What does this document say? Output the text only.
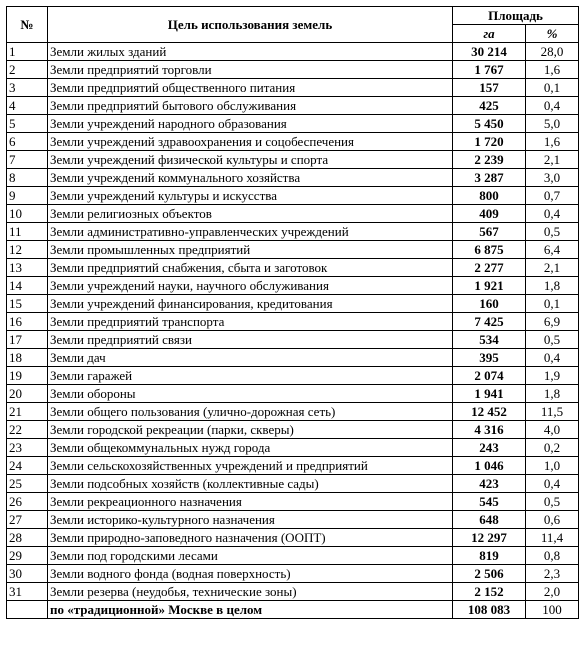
№	Цель использования земель	Площадь	
		га	%
1	Земли жилых зданий	30 214	28,0
2	Земли предприятий торговли	1 767	1,6
3	Земли предприятий общественного питания	157	0,1
4	Земли предприятий бытового обслуживания	425	0,4
5	Земли учреждений народного образования	5 450	5,0
6	Земли учреждений здравоохранения и соцобеспечения	1 720	1,6
7	Земли учреждений физической культуры и спорта	2 239	2,1
8	Земли учреждений коммунального хозяйства	3 287	3,0
9	Земли учреждений культуры и искусства	800	0,7
10	Земли религиозных объектов	409	0,4
11	Земли административно-управленческих учреждений	567	0,5
12	Земли промышленных предприятий	6 875	6,4
13	Земли предприятий снабжения, сбыта и заготовок	2 277	2,1
14	Земли учреждений науки, научного обслуживания	1 921	1,8
15	Земли учреждений финансирования, кредитования	160	0,1
16	Земли предприятий транспорта	7 425	6,9
17	Земли предприятий связи	534	0,5
18	Земли дач	395	0,4
19	Земли гаражей	2 074	1,9
20	Земли обороны	1 941	1,8
21	Земли общего пользования (улично-дорожная сеть)	12 452	11,5
22	Земли городской рекреации (парки, скверы)	4 316	4,0
23	Земли общекоммунальных нужд города	243	0,2
24	Земли сельскохозяйственных учреждений и предприятий	1 046	1,0
25	Земли подсобных хозяйств (коллективные сады)	423	0,4
26	Земли рекреационного назначения	545	0,5
27	Земли историко-культурного назначения	648	0,6
28	Земли природно-заповедного назначения (ООПТ)	12 297	11,4
29	Земли под городскими лесами	819	0,8
30	Земли водного фонда (водная поверхность)	2 506	2,3
31	Земли резерва (неудобья, технические зоны)	2 152	2,0
	по «традиционной» Москве в целом	108 083	100
